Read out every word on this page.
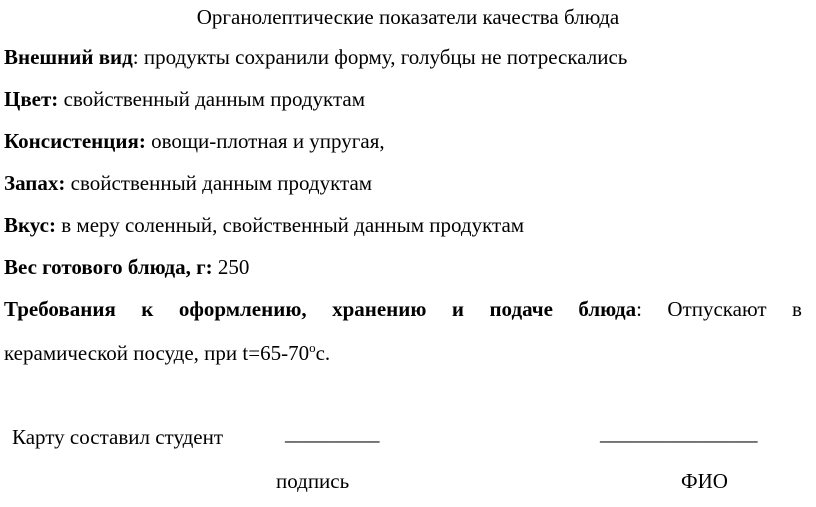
Органолептические показатели качества блюда
Внешний вид: продукты сохранили форму, голубцы не потрескались
Цвет: свойственный данным продуктам
Консистенция: овощи-плотная и упругая,
Запах: свойственный данным продуктам
Вкус: в меру соленный, свойственный данным продуктам
Вес готового блюда, г: 250
Требования к оформлению, хранению и подаче блюда: Отпускают в
керамической посуде, при $t=65-70^ос$.
Карту составил студент	_________	_______________
подпись	ФИО
